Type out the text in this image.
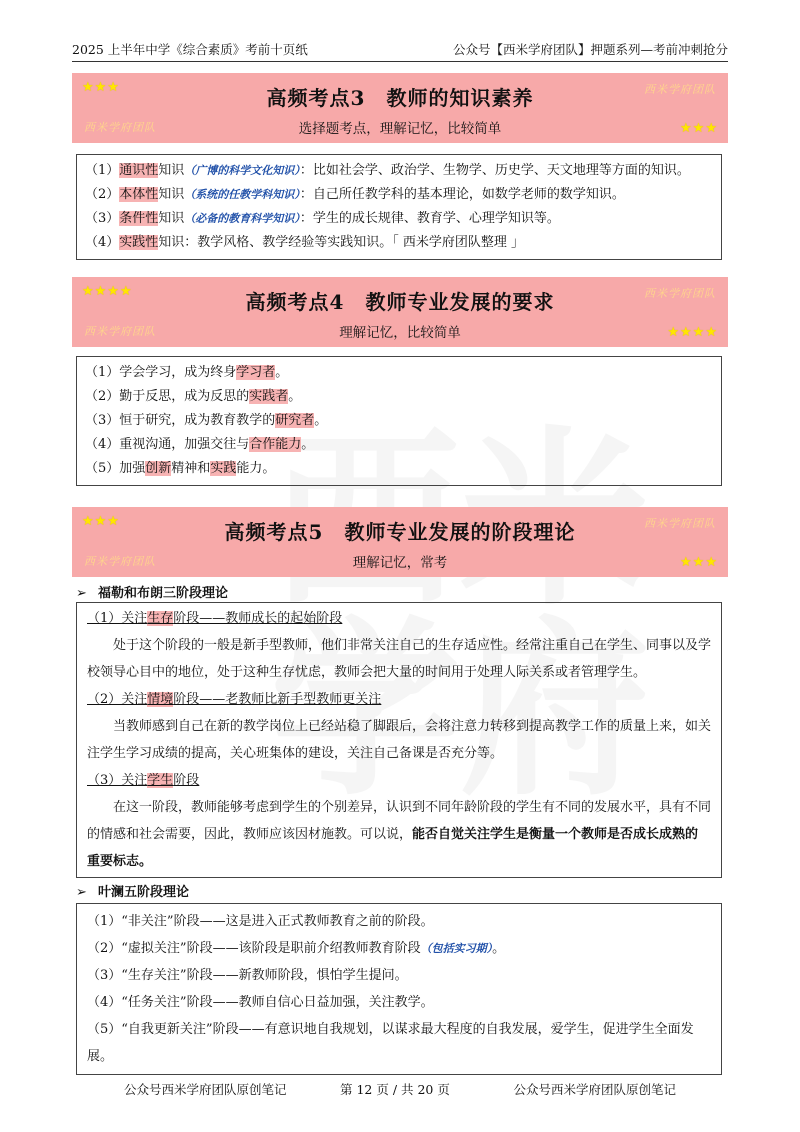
2025 上半年中学《综合素质》考前十页纸	公众号【西米学府团队】押题系列—考前冲刺抢分
★★★	西米学府团队
高频考点3　教师的知识素养
选择题考点，理解记忆，比较简单
西米学府团队	★★★
（1）通识性知识（广博的科学文化知识）：比如社会学、政治学、生物学、历史学、天文地理等方面的知识。
（2）本体性知识（系统的任教学科知识）：自己所任教学科的基本理论，如数学老师的数学知识。
（3）条件性知识（必备的教育科学知识）：学生的成长规律、教育学、心理学知识等。
（4）实践性知识：教学风格、教学经验等实践知识。「 西米学府团队整理 」
★★★★	西米学府团队
高频考点4　教师专业发展的要求
理解记忆，比较简单
西米学府团队	★★★★
（1）学会学习，成为终身学习者。
（2）勤于反思，成为反思的实践者。
（3）恒于研究，成为教育教学的研究者。
（4）重视沟通，加强交往与合作能力。
（5）加强创新精神和实践能力。
★★★	西米学府团队
高频考点5　教师专业发展的阶段理论
理解记忆，常考
西米学府团队	★★★
➢ 福勒和布朗三阶段理论
（1）关注生存阶段——教师成长的起始阶段

处于这个阶段的一般是新手型教师，他们非常关注自己的生存适应性。经常注重自己在学生、同事以及学校领导心目中的地位，处于这种生存忧虑，教师会把大量的时间用于处理人际关系或者管理学生。

（2）关注情境阶段——老教师比新手型教师更关注

当教师感到自己在新的教学岗位上已经站稳了脚跟后，会将注意力转移到提高教学工作的质量上来，如关注学生学习成绩的提高，关心班集体的建设，关注自己备课是否充分等。

（3）关注学生阶段

在这一阶段，教师能够考虑到学生的个别差异，认识到不同年龄阶段的学生有不同的发展水平，具有不同的情感和社会需要，因此，教师应该因材施教。可以说，能否自觉关注学生是衡量一个教师是否成长成熟的重要标志。

➢ 叶澜五阶段理论
（1）“非关注”阶段——这是进入正式教师教育之前的阶段。
（2）“虚拟关注”阶段——该阶段是职前介绍教师教育阶段（包括实习期）。
（3）“生存关注”阶段——新教师阶段，惧怕学生提问。
（4）“任务关注”阶段——教师自信心日益加强，关注教学。
（5）“自我更新关注”阶段——有意识地自我规划，以谋求最大程度的自我发展，爱学生，促进学生全面发展。
公众号西米学府团队原创笔记	第 12 页 / 共 20 页	公众号西米学府团队原创笔记
